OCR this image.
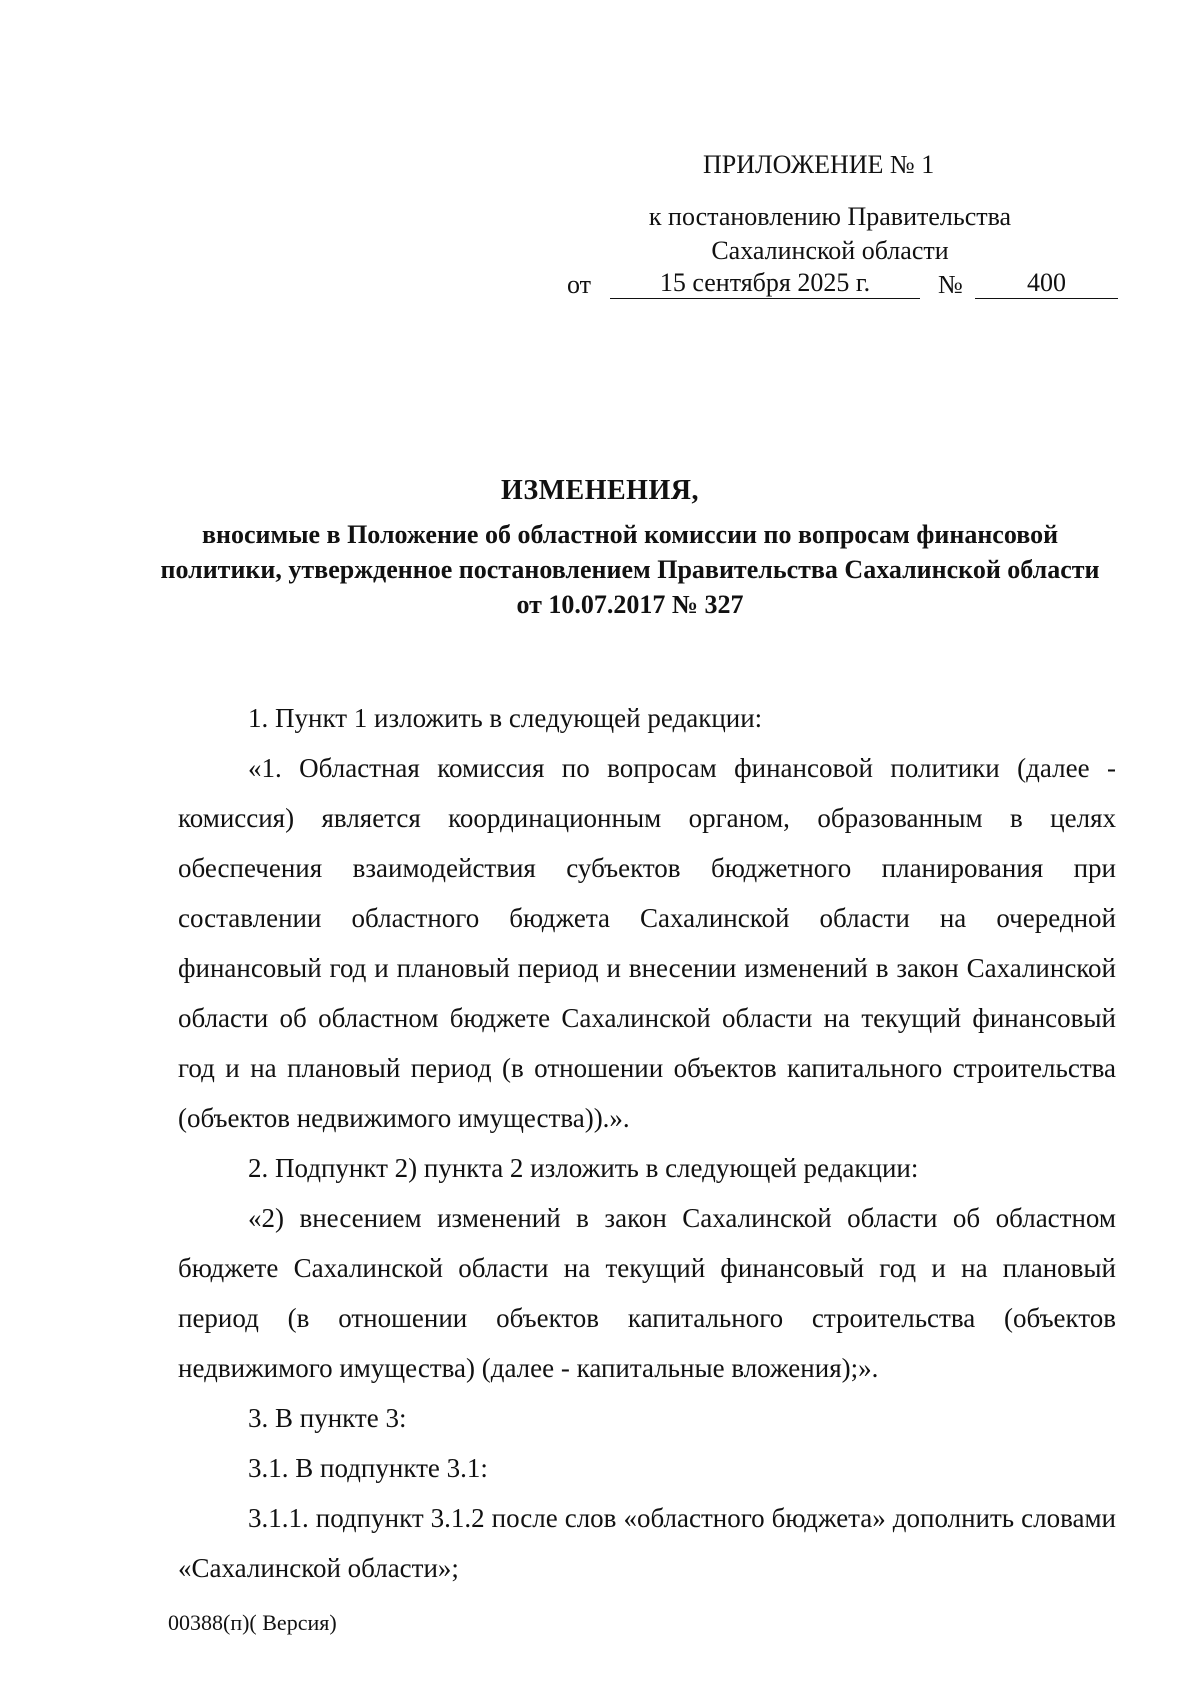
ПРИЛОЖЕНИЕ № 1
к постановлению Правительства
Сахалинской области
от	15 сентября 2025 г.	№	400
ИЗМЕНЕНИЯ,
вносимые в Положение об областной комиссии по вопросам финансовой политики, утвержденное постановлением Правительства Сахалинской области от 10.07.2017 № 327

1. Пункт 1 изложить в следующей редакции:

«1. Областная комиссия по вопросам финансовой политики (далее - комиссия) является координационным органом, образованным в целях обеспечения взаимодействия субъектов бюджетного планирования при составлении областного бюджета Сахалинской области на очередной финансовый год и плановый период и внесении изменений в закон Сахалинской области об областном бюджете Сахалинской области на текущий финансовый год и на плановый период (в отношении объектов капитального строительства (объектов недвижимого имущества)).».

2. Подпункт 2) пункта 2 изложить в следующей редакции:

«2) внесением изменений в закон Сахалинской области об областном бюджете Сахалинской области на текущий финансовый год и на плановый период (в отношении объектов капитального строительства (объектов недвижимого имущества) (далее - капитальные вложения);».

3. В пункте 3:

3.1. В подпункте 3.1:

3.1.1. подпункт 3.1.2 после слов «областного бюджета» дополнить словами «Сахалинской области»;

00388(п)( Версия)
